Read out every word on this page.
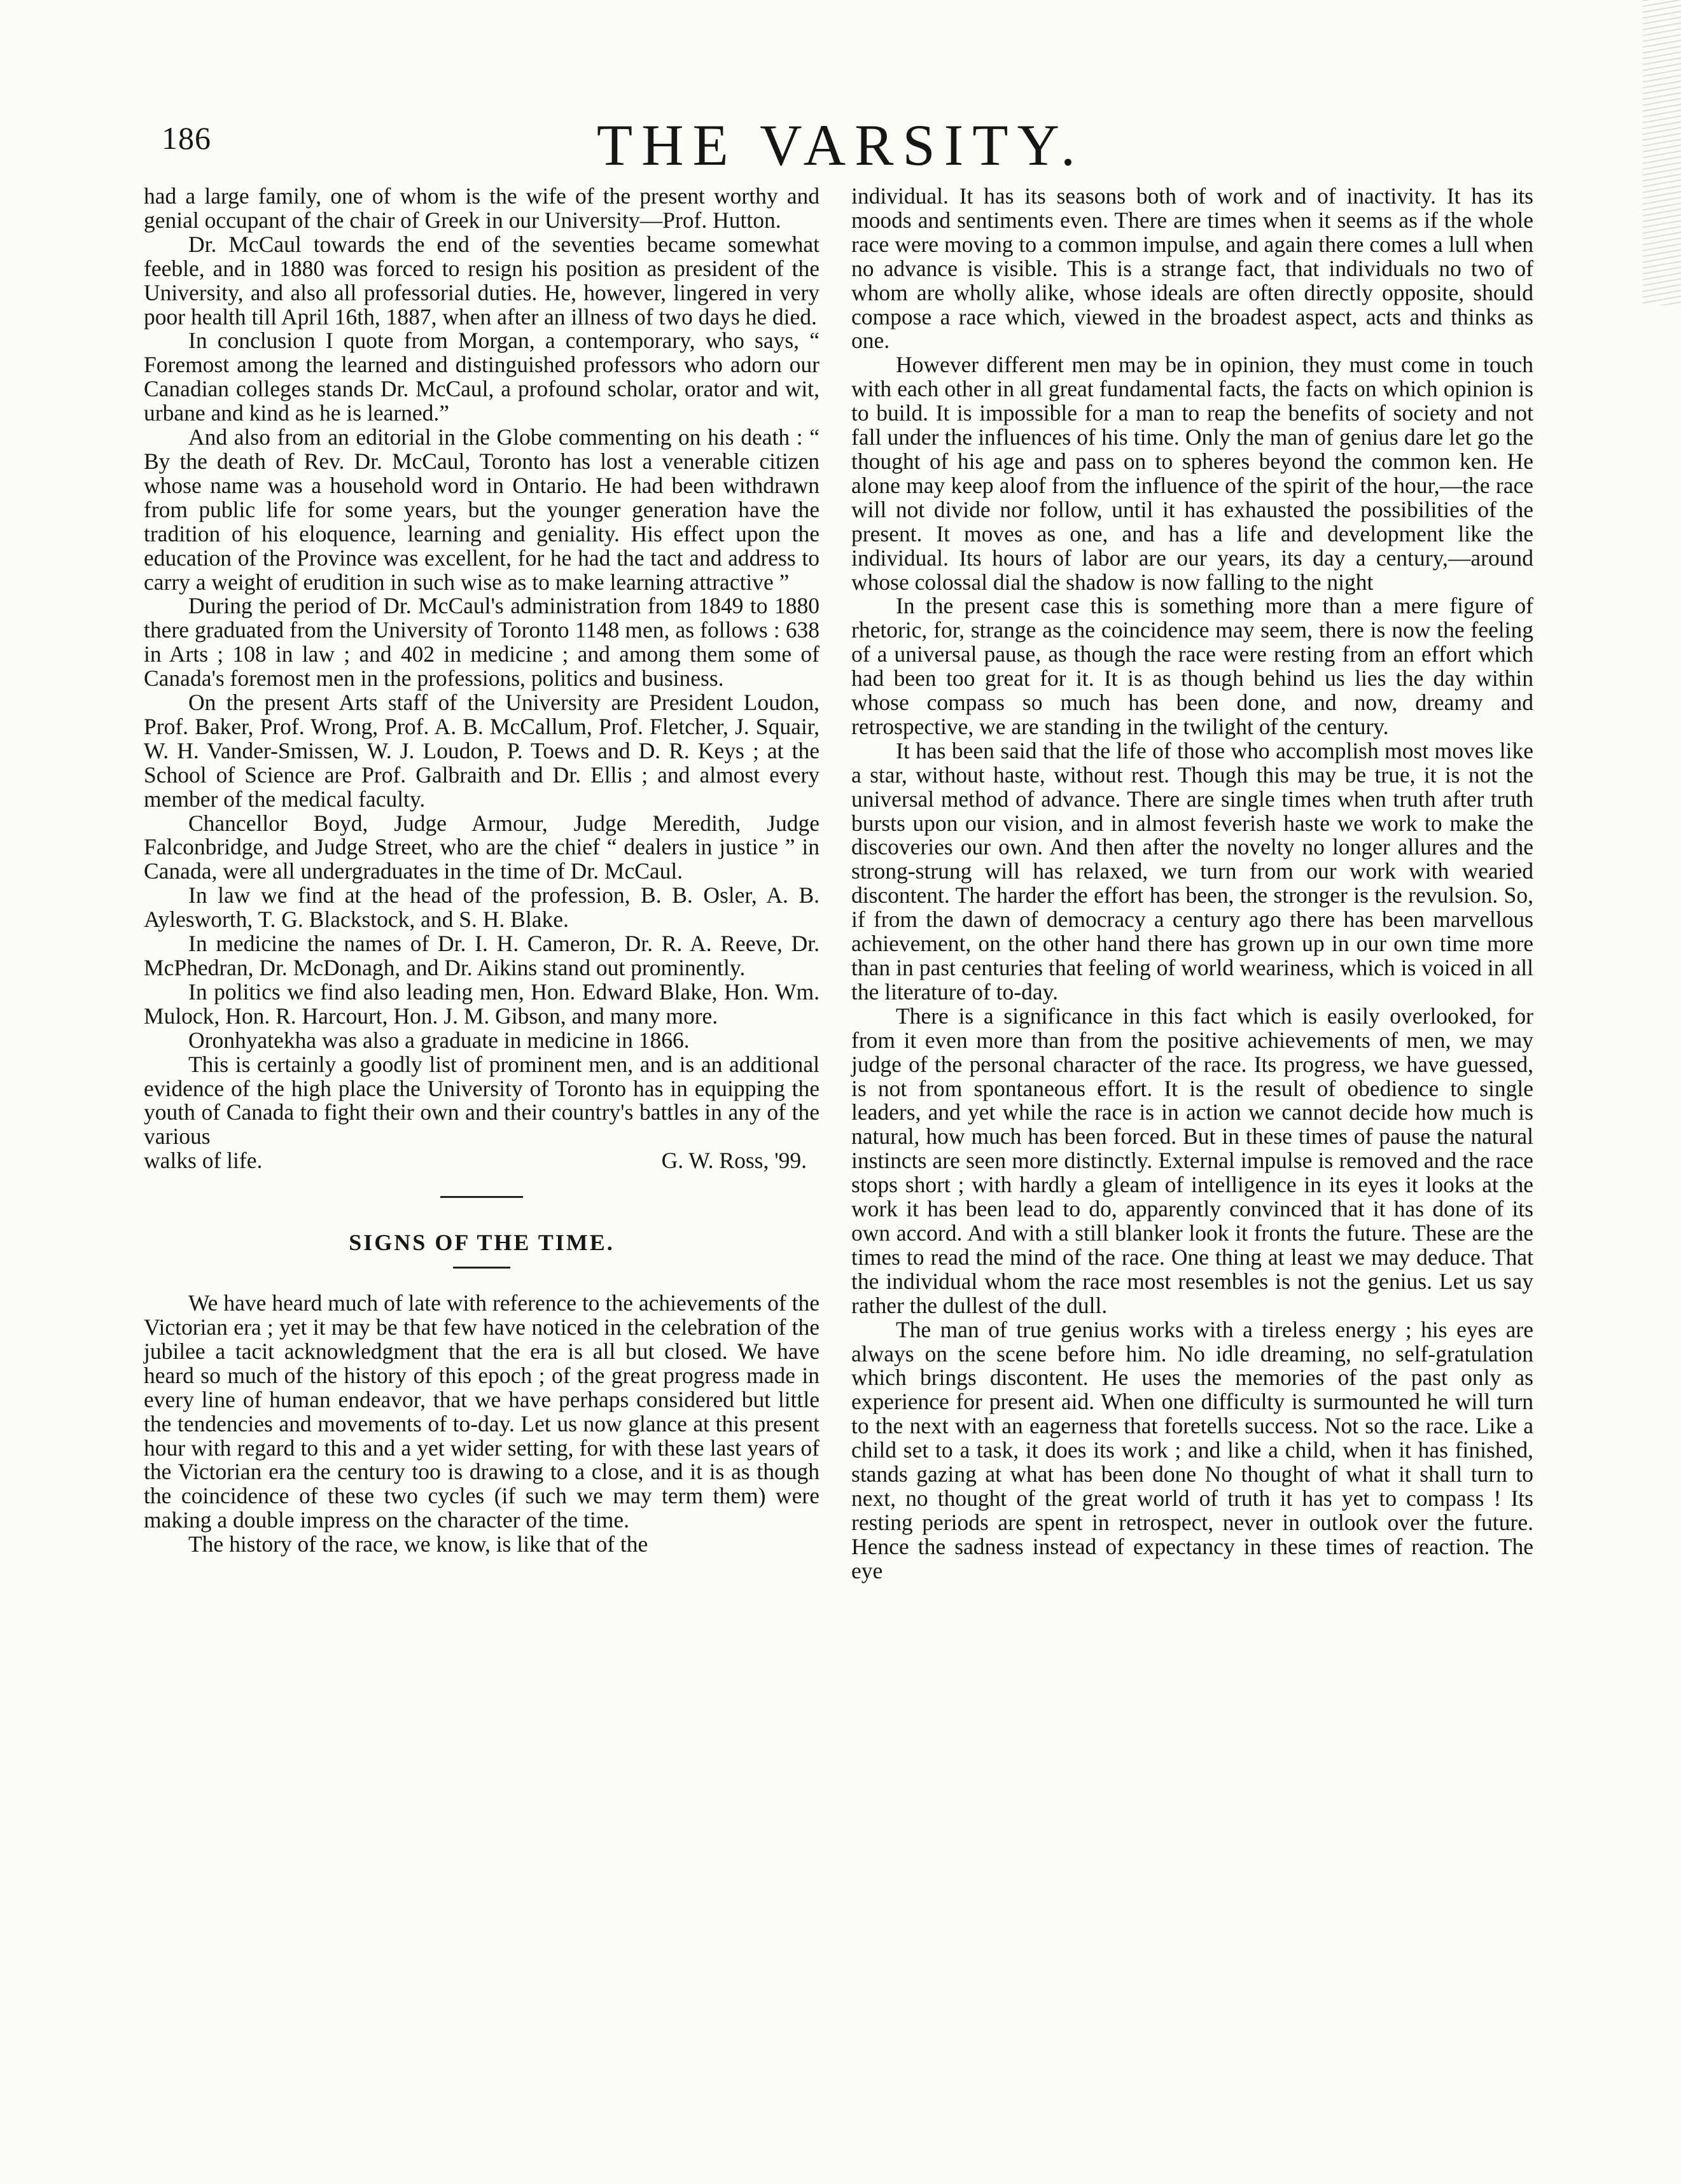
186	THE VARSITY.

had a large family, one of whom is the wife of the present worthy and genial occupant of the chair of Greek in our University—Prof. Hutton.

Dr. McCaul towards the end of the seventies became somewhat feeble, and in 1880 was forced to resign his position as president of the University, and also all professorial duties. He, however, lingered in very poor health till April 16th, 1887, when after an illness of two days he died.

In conclusion I quote from Morgan, a contemporary, who says, “ Foremost among the learned and distinguished professors who adorn our Canadian colleges stands Dr. McCaul, a profound scholar, orator and wit, urbane and kind as he is learned.”

And also from an editorial in the Globe commenting on his death : “ By the death of Rev. Dr. McCaul, Toronto has lost a venerable citizen whose name was a household word in Ontario. He had been withdrawn from public life for some years, but the younger generation have the tradition of his eloquence, learning and geniality. His effect upon the education of the Province was excellent, for he had the tact and address to carry a weight of erudition in such wise as to make learning attractive ”

During the period of Dr. McCaul's administration from 1849 to 1880 there graduated from the University of Toronto 1148 men, as follows : 638 in Arts ; 108 in law ; and 402 in medicine ; and among them some of Canada's foremost men in the professions, politics and business.

On the present Arts staff of the University are President Loudon, Prof. Baker, Prof. Wrong, Prof. A. B. McCallum, Prof. Fletcher, J. Squair, W. H. Vander-Smissen, W. J. Loudon, P. Toews and D. R. Keys ; at the School of Science are Prof. Galbraith and Dr. Ellis ; and almost every member of the medical faculty.

Chancellor Boyd, Judge Armour, Judge Meredith, Judge Falconbridge, and Judge Street, who are the chief “ dealers in justice ” in Canada, were all undergraduates in the time of Dr. McCaul.

In law we find at the head of the profession, B. B. Osler, A. B. Aylesworth, T. G. Blackstock, and S. H. Blake.

In medicine the names of Dr. I. H. Cameron, Dr. R. A. Reeve, Dr. McPhedran, Dr. McDonagh, and Dr. Aikins stand out prominently.

In politics we find also leading men, Hon. Edward Blake, Hon. Wm. Mulock, Hon. R. Harcourt, Hon. J. M. Gibson, and many more.

Oronhyatekha was also a graduate in medicine in 1866.

This is certainly a goodly list of prominent men, and is an additional evidence of the high place the University of Toronto has in equipping the youth of Canada to fight their own and their country's battles in any of the various

walks of life.	G. W. Ross, '99.
SIGNS OF THE TIME.

We have heard much of late with reference to the achievements of the Victorian era ; yet it may be that few have noticed in the celebration of the jubilee a tacit acknowledgment that the era is all but closed. We have heard so much of the history of this epoch ; of the great progress made in every line of human endeavor, that we have perhaps considered but little the tendencies and movements of to-day. Let us now glance at this present hour with regard to this and a yet wider setting, for with these last years of the Victorian era the century too is drawing to a close, and it is as though the coincidence of these two cycles (if such we may term them) were making a double impress on the character of the time.

The history of the race, we know, is like that of the

individual. It has its seasons both of work and of inactivity. It has its moods and sentiments even. There are times when it seems as if the whole race were moving to a common impulse, and again there comes a lull when no advance is visible. This is a strange fact, that individuals no two of whom are wholly alike, whose ideals are often directly opposite, should compose a race which, viewed in the broadest aspect, acts and thinks as one.

However different men may be in opinion, they must come in touch with each other in all great fundamental facts, the facts on which opinion is to build. It is impossible for a man to reap the benefits of society and not fall under the influences of his time. Only the man of genius dare let go the thought of his age and pass on to spheres beyond the common ken. He alone may keep aloof from the influence of the spirit of the hour,—the race will not divide nor follow, until it has exhausted the possibilities of the present. It moves as one, and has a life and development like the individual. Its hours of labor are our years, its day a century,—around whose colossal dial the shadow is now falling to the night

In the present case this is something more than a mere figure of rhetoric, for, strange as the coincidence may seem, there is now the feeling of a universal pause, as though the race were resting from an effort which had been too great for it. It is as though behind us lies the day within whose compass so much has been done, and now, dreamy and retrospective, we are standing in the twilight of the century.

It has been said that the life of those who accomplish most moves like a star, without haste, without rest. Though this may be true, it is not the universal method of advance. There are single times when truth after truth bursts upon our vision, and in almost feverish haste we work to make the discoveries our own. And then after the novelty no longer allures and the strong-strung will has relaxed, we turn from our work with wearied discontent. The harder the effort has been, the stronger is the revulsion. So, if from the dawn of democracy a century ago there has been marvellous achievement, on the other hand there has grown up in our own time more than in past centuries that feeling of world weariness, which is voiced in all the literature of to-day.

There is a significance in this fact which is easily overlooked, for from it even more than from the positive achievements of men, we may judge of the personal character of the race. Its progress, we have guessed, is not from spontaneous effort. It is the result of obedience to single leaders, and yet while the race is in action we cannot decide how much is natural, how much has been forced. But in these times of pause the natural instincts are seen more distinctly. External impulse is removed and the race stops short ; with hardly a gleam of intelligence in its eyes it looks at the work it has been lead to do, apparently convinced that it has done of its own accord. And with a still blanker look it fronts the future. These are the times to read the mind of the race. One thing at least we may deduce. That the individual whom the race most resembles is not the genius. Let us say rather the dullest of the dull.

The man of true genius works with a tireless energy ; his eyes are always on the scene before him. No idle dreaming, no self-gratulation which brings discontent. He uses the memories of the past only as experience for present aid. When one difficulty is surmounted he will turn to the next with an eagerness that foretells success. Not so the race. Like a child set to a task, it does its work ; and like a child, when it has finished, stands gazing at what has been done No thought of what it shall turn to next, no thought of the great world of truth it has yet to compass ! Its resting periods are spent in retrospect, never in outlook over the future. Hence the sadness instead of expectancy in these times of reaction. The eye
